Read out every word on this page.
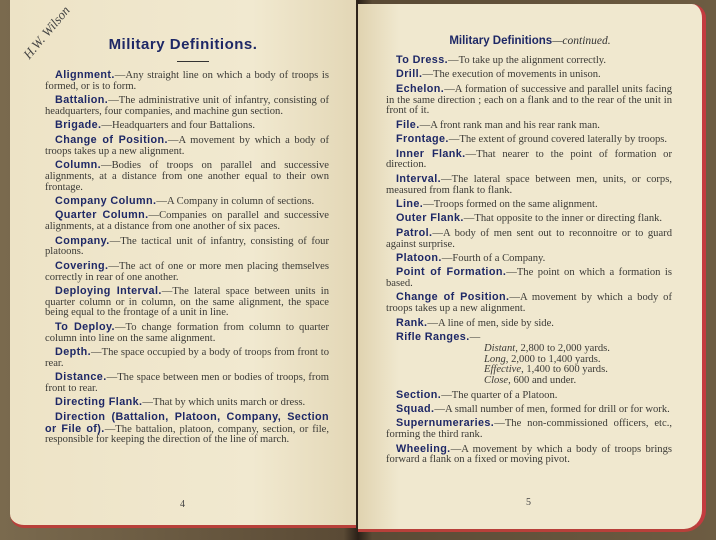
H.W. Wilson	Military Definitions.
Alignment.—Any straight line on which a body of troops is formed, or is to form.
Battalion.—The administrative unit of infantry, consisting of headquarters, four companies, and machine gun section.
Brigade.—Headquarters and four Battalions.
Change of Position.—A movement by which a body of troops takes up a new alignment.
Column.—Bodies of troops on parallel and successive alignments, at a distance from one another equal to their own frontage.
Company Column.—A Company in column of sections.
Quarter Column.—Companies on parallel and successive alignments, at a distance from one another of six paces.
Company.—The tactical unit of infantry, consisting of four platoons.
Covering.—The act of one or more men placing themselves correctly in rear of one another.
Deploying Interval.—The lateral space between units in quarter column or in column, on the same alignment, the space being equal to the frontage of a unit in line.
To Deploy.—To change formation from column to quarter column into line on the same alignment.
Depth.—The space occupied by a body of troops from front to rear.
Distance.—The space between men or bodies of troops, from front to rear.
Directing Flank.—That by which units march or dress.
Direction (Battalion, Platoon, Company, Section or File of).—The battalion, platoon, company, section, or file, responsible for keeping the direction of the line of march.
4
Military Definitions—continued.
To Dress.—To take up the alignment correctly.
Drill.—The execution of movements in unison.
Echelon.—A formation of successive and parallel units facing in the same direction ; each on a flank and to the rear of the unit in front of it.
File.—A front rank man and his rear rank man.
Frontage.—The extent of ground covered laterally by troops.
Inner Flank.—That nearer to the point of formation or direction.
Interval.—The lateral space between men, units, or corps, measured from flank to flank.
Line.—Troops formed on the same alignment.
Outer Flank.—That opposite to the inner or directing flank.
Patrol.—A body of men sent out to reconnoitre or to guard against surprise.
Platoon.—Fourth of a Company.
Point of Formation.—The point on which a formation is based.
Change of Position.—A movement by which a body of troops takes up a new alignment.
Rank.—A line of men, side by side.
Rifle Ranges.—
Distant, 2,800 to 2,000 yards.
Long, 2,000 to 1,400 yards.
Effective, 1,400 to 600 yards.
Close, 600 and under.
Section.—The quarter of a Platoon.
Squad.—A small number of men, formed for drill or for work.
Supernumeraries.—The non-commissioned officers, etc., forming the third rank.
Wheeling.—A movement by which a body of troops brings forward a flank on a fixed or moving pivot.
5
